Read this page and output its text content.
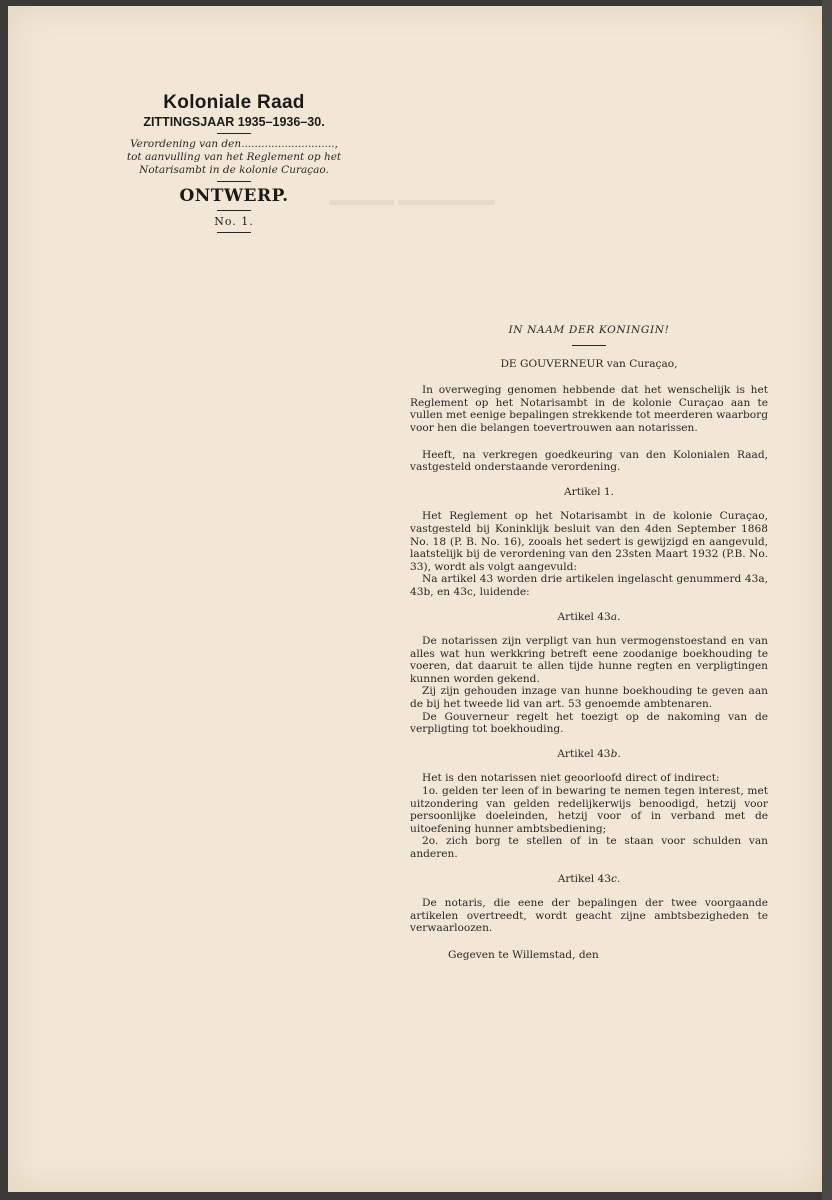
▬▬▬▬ ▬▬▬▬▬▬
Koloniale Raad
ZITTINGSJAAR 1935–1936–30.
Verordening van den............................,
tot aanvulling van het Reglement op het
Notarisambt in de kolonie Curaçao.
ONTWERP.
No. 1.

IN NAAM DER KONINGIN!

DE GOUVERNEUR van Curaçao,

In overweging genomen hebbende dat het wenschelijk is het Reglement op het Notarisambt in de kolonie Curaçao aan te vullen met eenige bepalingen strekkende tot meerderen waarborg voor hen die belangen toevertrouwen aan notarissen.

Heeft, na verkregen goedkeuring van den Kolonialen Raad, vastgesteld onderstaande verordening.

Artikel 1.

Het Reglement op het Notarisambt in de kolonie Curaçao, vastgesteld bij Koninklijk besluit van den 4den September 1868 No. 18 (P. B. No. 16), zooals het sedert is gewijzigd en aangevuld, laatstelijk bij de verordening van den 23sten Maart 1932 (P.B. No. 33), wordt als volgt aangevuld:

Na artikel 43 worden drie artikelen ingelascht genummerd 43a, 43b, en 43c, luidende:

Artikel 43a.

De notarissen zijn verpligt van hun vermogenstoestand en van alles wat hun werkkring betreft eene zoodanige boekhouding te voeren, dat daaruit te allen tijde hunne regten en verpligtingen kunnen worden gekend.

Zij zijn gehouden inzage van hunne boekhouding te geven aan de bij het tweede lid van art. 53 genoemde ambtenaren.

De Gouverneur regelt het toezigt op de nakoming van de verpligting tot boekhouding.

Artikel 43b.

Het is den notarissen niet geoorloofd direct of indirect:

1o. gelden ter leen of in bewaring te nemen tegen interest, met uitzondering van gelden redelijkerwijs benoodigd, hetzij voor persoonlijke doeleinden, hetzij voor of in verband met de uitoefening hunner ambtsbediening;

2o. zich borg te stellen of in te staan voor schulden van anderen.

Artikel 43c.

De notaris, die eene der bepalingen der twee voorgaande artikelen overtreedt, wordt geacht zijne ambtsbezigheden te verwaarloozen.

Gegeven te Willemstad, den
